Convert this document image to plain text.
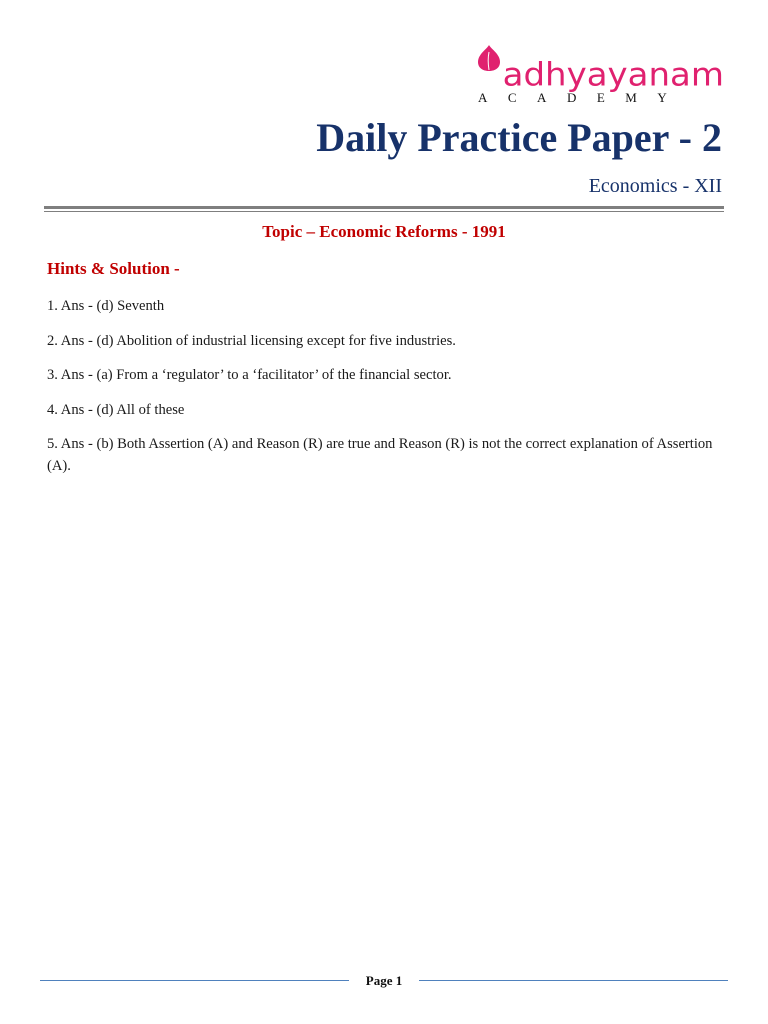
adhyayanam
ACADEMY
Daily Practice Paper - 2
Economics - XII
Topic – Economic Reforms - 1991
Hints & Solution -
1. Ans - (d) Seventh
2. Ans - (d) Abolition of industrial licensing except for five industries.
3. Ans - (a) From a ‘regulator’ to a ‘facilitator’ of the financial sector.
4. Ans - (d) All of these
5. Ans - (b) Both Assertion (A) and Reason (R) are true and Reason (R) is not the correct explanation of Assertion (A).
Page 1
